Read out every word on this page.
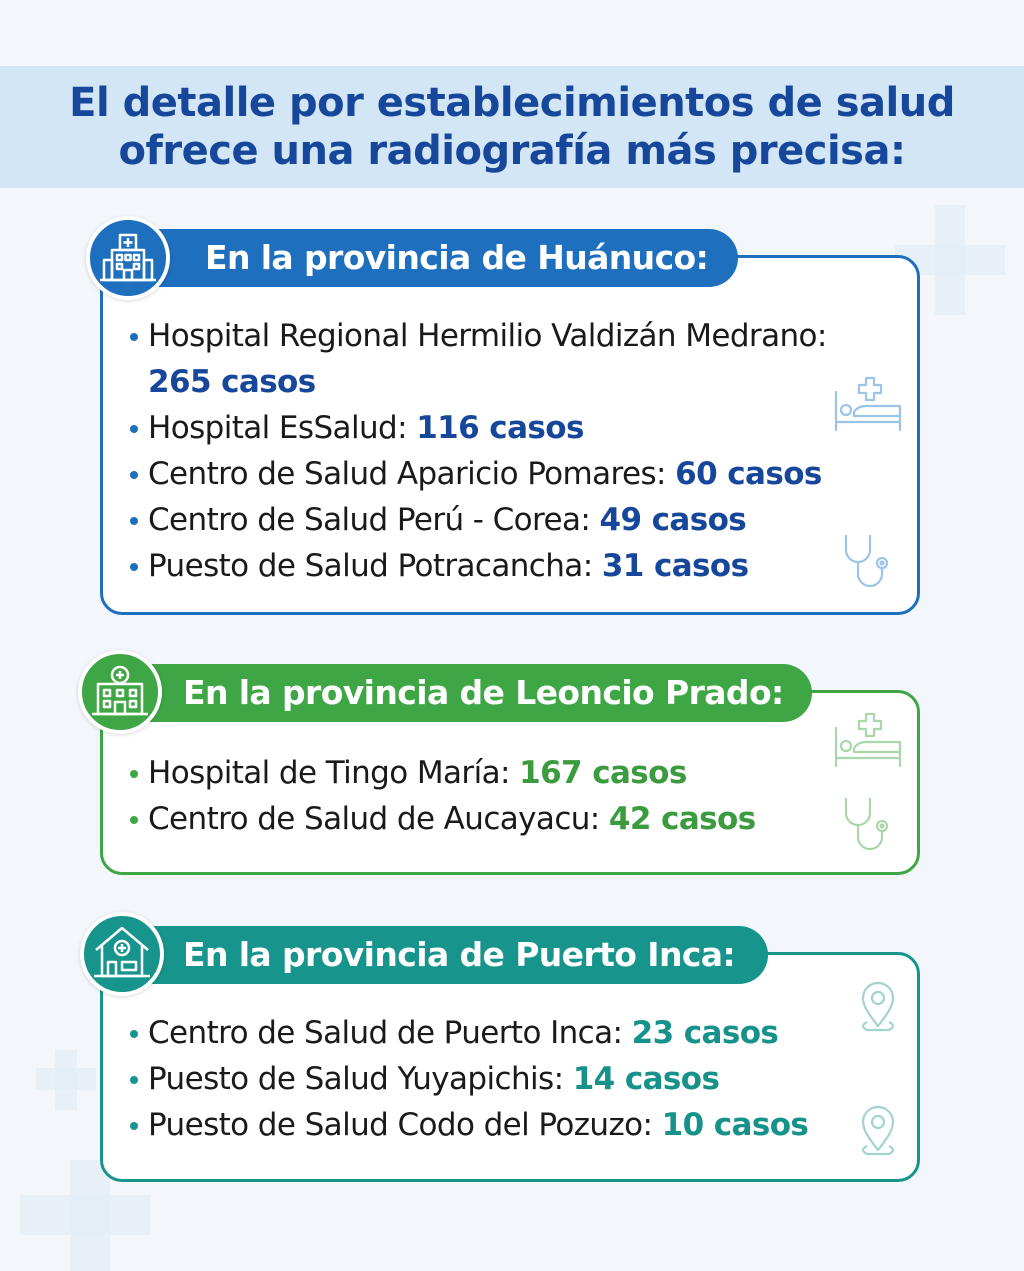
El detalle por establecimientos de salud
ofrece una radiografía más precisa:
En la provincia de Huánuco:
Hospital Regional Hermilio Valdizán Medrano:
265 casos
Hospital EsSalud: 116 casos
Centro de Salud Aparicio Pomares: 60 casos
Centro de Salud Perú - Corea: 49 casos
Puesto de Salud Potracancha: 31 casos
En la provincia de Leoncio Prado:
Hospital de Tingo María: 167 casos
Centro de Salud de Aucayacu: 42 casos
En la provincia de Puerto Inca:
Centro de Salud de Puerto Inca: 23 casos
Puesto de Salud Yuyapichis: 14 casos
Puesto de Salud Codo del Pozuzo: 10 casos
